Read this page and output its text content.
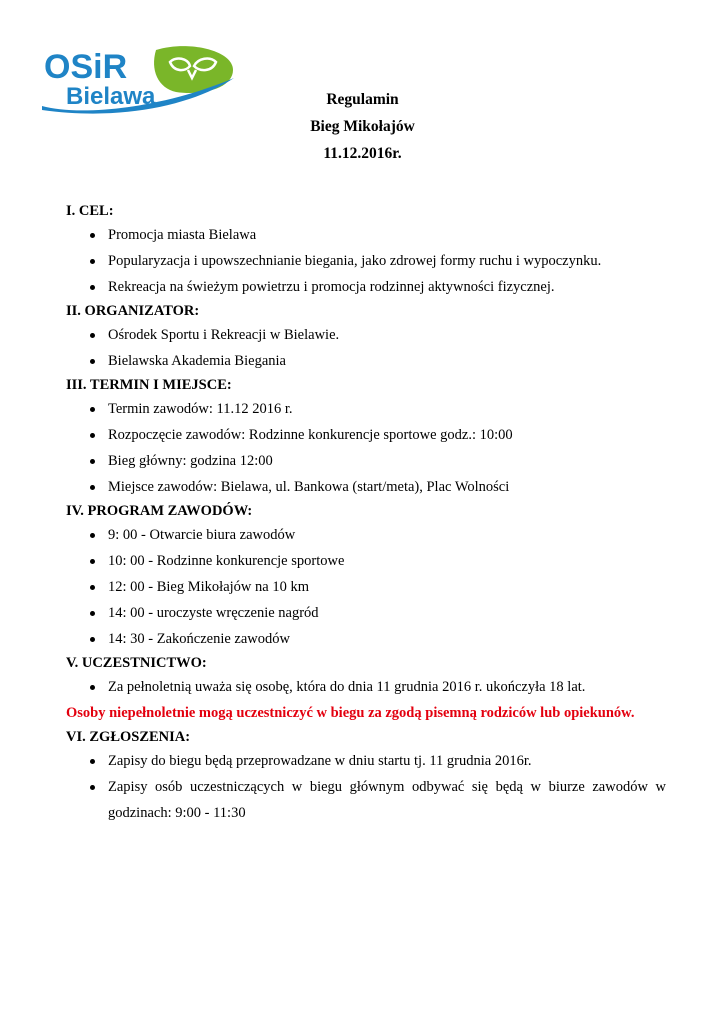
OSiR
Bielawa	Regulamin
Bieg Mikołajów
11.12.2016r.
I. CEL:
Promocja miasta Bielawa
Popularyzacja i upowszechnianie biegania, jako zdrowej formy ruchu i wypoczynku.
Rekreacja na świeżym powietrzu i promocja rodzinnej aktywności fizycznej.
II. ORGANIZATOR:
Ośrodek Sportu i Rekreacji w Bielawie.
Bielawska Akademia Biegania
III. TERMIN I MIEJSCE:
Termin zawodów: 11.12 2016 r.
Rozpoczęcie zawodów: Rodzinne konkurencje sportowe godz.: 10:00
Bieg główny: godzina 12:00
Miejsce zawodów: Bielawa, ul. Bankowa (start/meta), Plac Wolności
IV. PROGRAM ZAWODÓW:
9: 00 - Otwarcie biura zawodów
10: 00 - Rodzinne konkurencje sportowe
12: 00 - Bieg Mikołajów na 10 km
14: 00 - uroczyste wręczenie nagród
14: 30 - Zakończenie zawodów
V. UCZESTNICTWO:
Za pełnoletnią uważa się osobę, która do dnia 11 grudnia 2016 r. ukończyła 18 lat.
Osoby niepełnoletnie mogą uczestniczyć w biegu za zgodą pisemną rodziców lub opiekunów.
VI. ZGŁOSZENIA:
Zapisy do biegu będą przeprowadzane w dniu startu tj. 11 grudnia 2016r.
Zapisy osób uczestniczących w biegu głównym odbywać się będą w biurze zawodów w godzinach: 9:00 - 11:30
